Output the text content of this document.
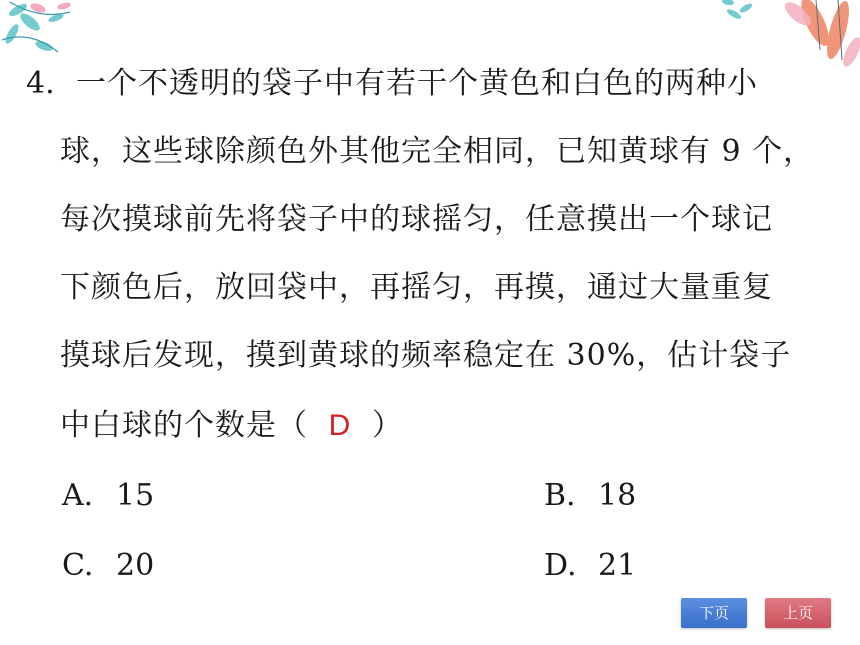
4. 一个不透明的袋子中有若干个黄色和白色的两种小
球，这些球除颜色外其他完全相同，已知黄球有 9 个，
每次摸球前先将袋子中的球摇匀，任意摸出一个球记
下颜色后，放回袋中，再摇匀，再摸，通过大量重复
摸球后发现，摸到黄球的频率稳定在 30%，估计袋子
中白球的个数是（ D ）
A. 15	B. 18
C. 20	D. 21
下页	上页
